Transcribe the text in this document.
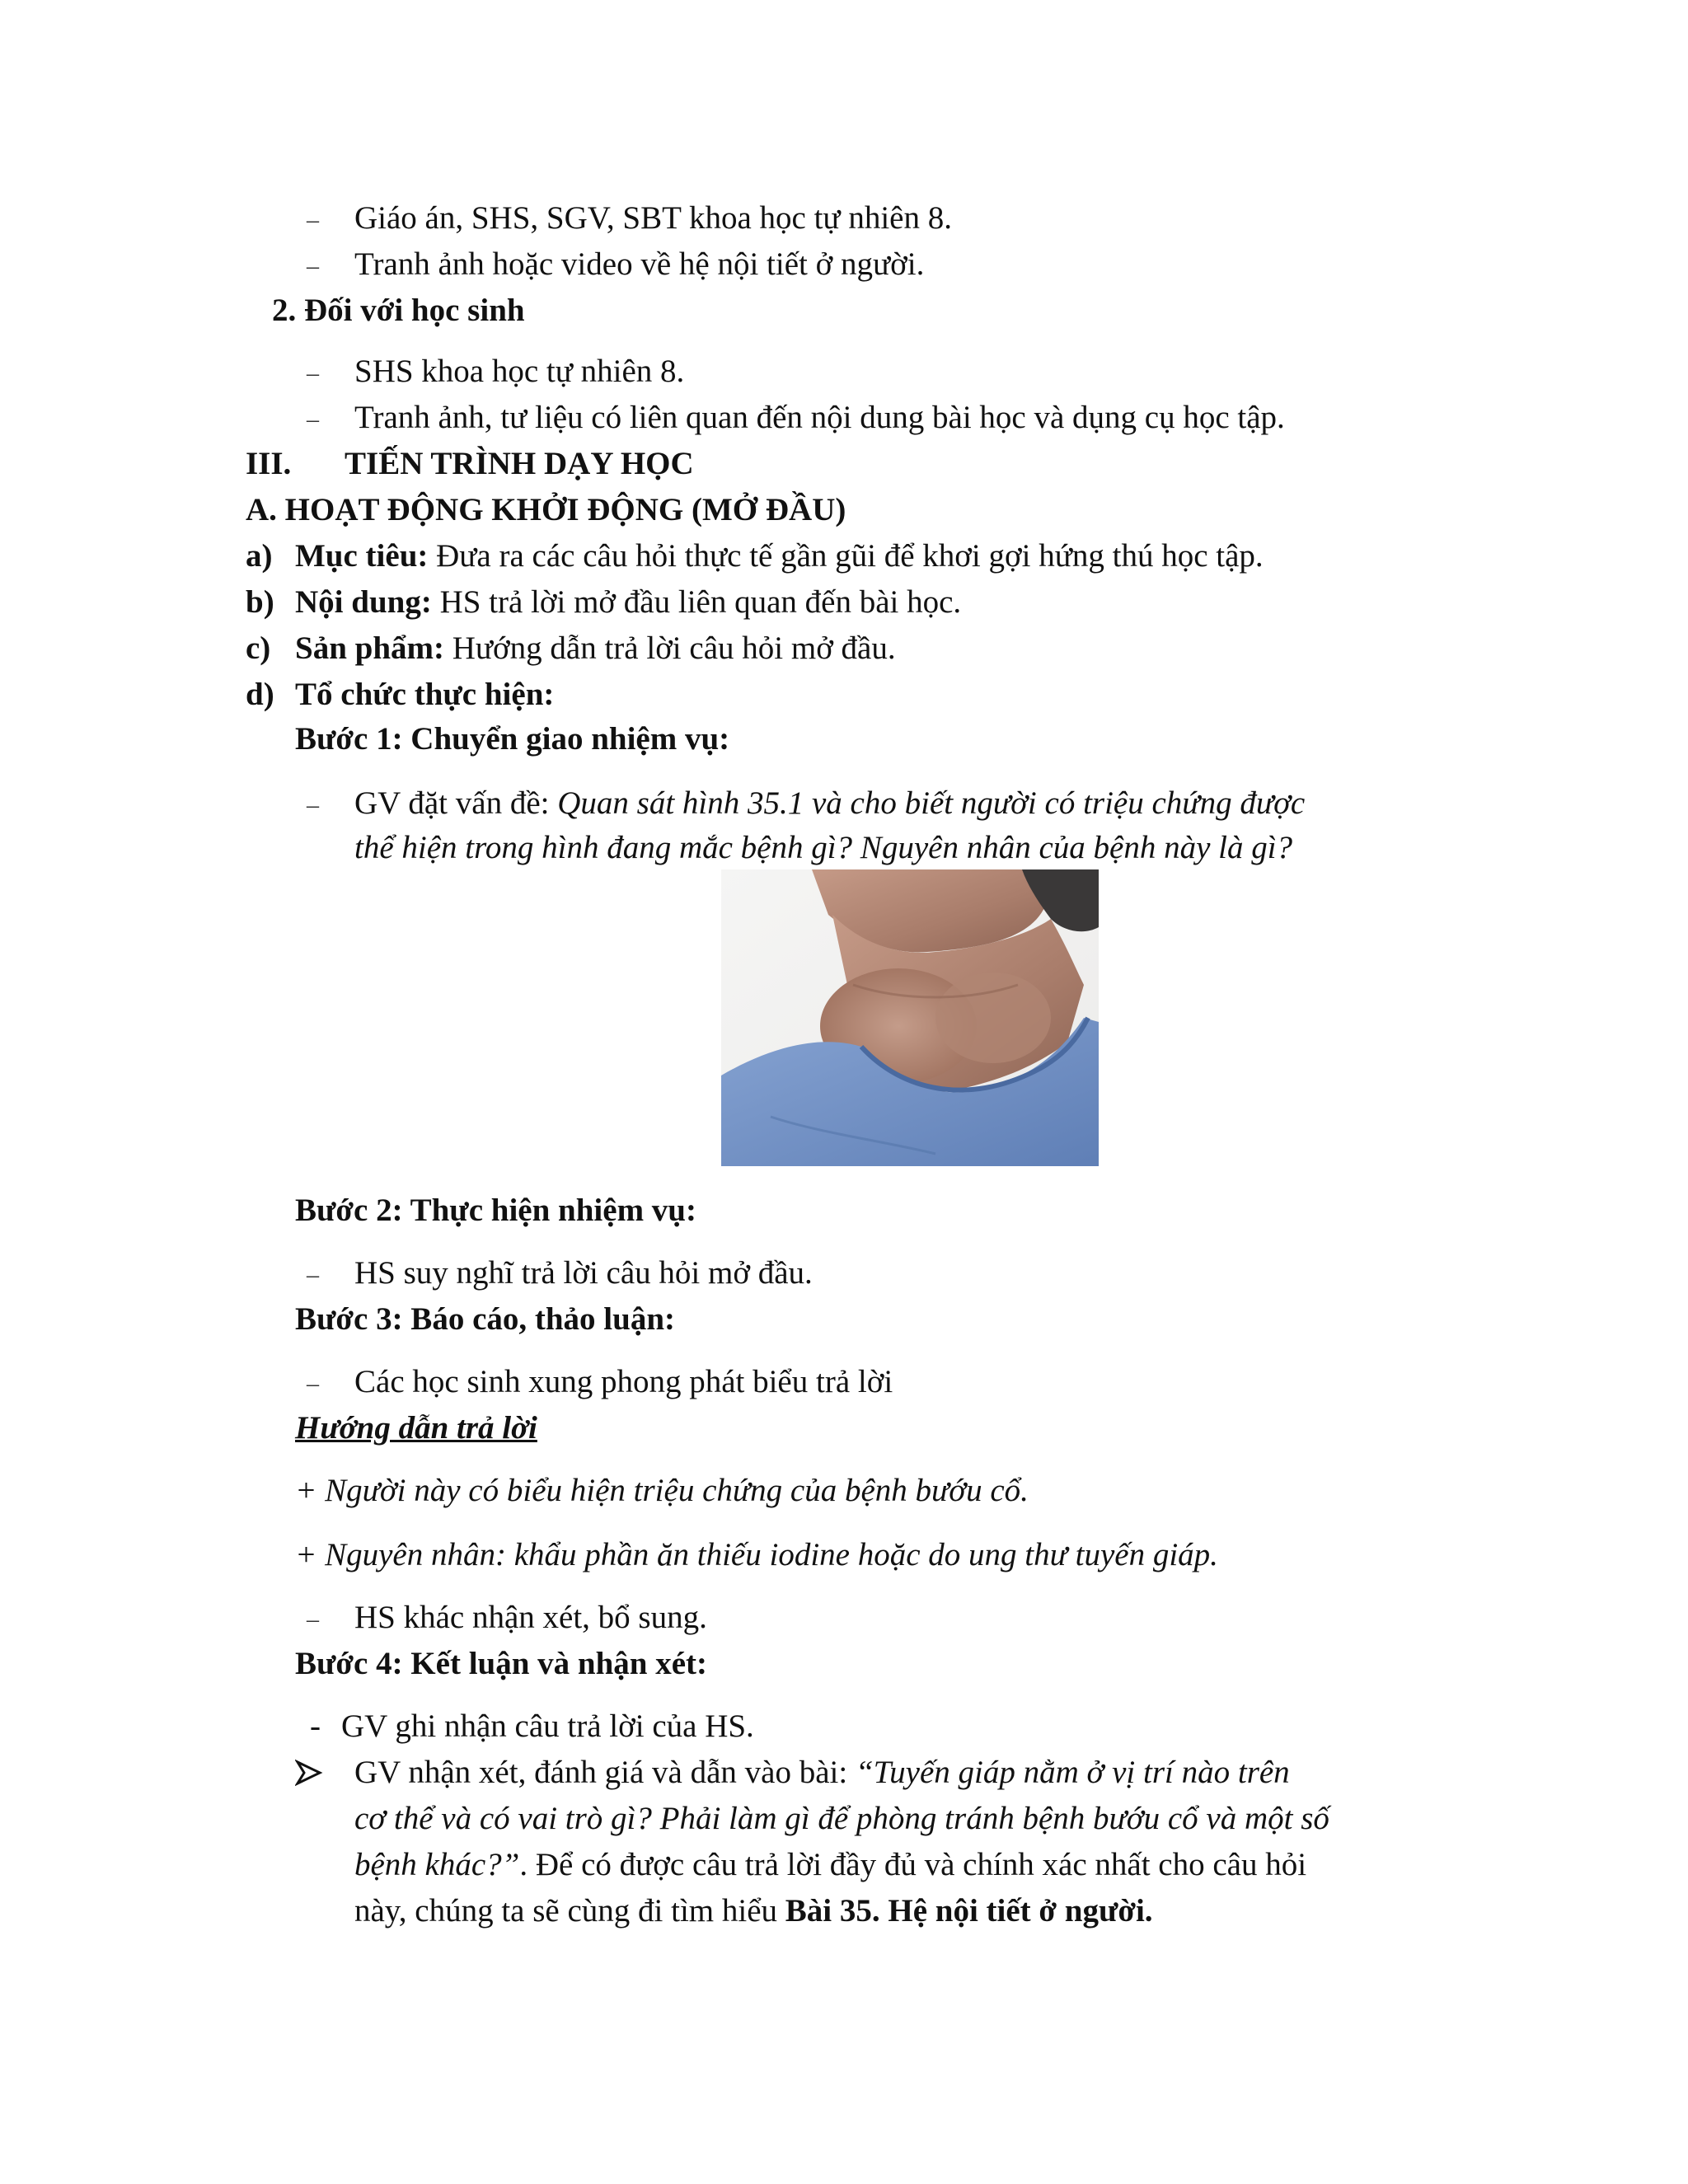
– Giáo án, SHS, SGV, SBT khoa học tự nhiên 8.
– Tranh ảnh hoặc video về hệ nội tiết ở người.
2. Đối với học sinh
– SHS khoa học tự nhiên 8.
– Tranh ảnh, tư liệu có liên quan đến nội dung bài học và dụng cụ học tập.
III. TIẾN TRÌNH DẠY HỌC
A. HOẠT ĐỘNG KHỞI ĐỘNG (MỞ ĐẦU)
a) Mục tiêu: Đưa ra các câu hỏi thực tế gần gũi để khơi gợi hứng thú học tập.
b) Nội dung: HS trả lời mở đầu liên quan đến bài học.
c) Sản phẩm: Hướng dẫn trả lời câu hỏi mở đầu.
d) Tổ chức thực hiện:
Bước 1: Chuyển giao nhiệm vụ:
– GV đặt vấn đề: Quan sát hình 35.1 và cho biết người có triệu chứng được
thể hiện trong hình đang mắc bệnh gì? Nguyên nhân của bệnh này là gì?
Bước 2: Thực hiện nhiệm vụ:
– HS suy nghĩ trả lời câu hỏi mở đầu.
Bước 3: Báo cáo, thảo luận:
– Các học sinh xung phong phát biểu trả lời
Hướng dẫn trả lời
+ Người này có biểu hiện triệu chứng của bệnh bướu cổ.
+ Nguyên nhân: khẩu phần ăn thiếu iodine hoặc do ung thư tuyến giáp.
– HS khác nhận xét, bổ sung.
Bước 4: Kết luận và nhận xét:
- GV ghi nhận câu trả lời của HS.
GV nhận xét, đánh giá và dẫn vào bài: “Tuyến giáp nằm ở vị trí nào trên
cơ thể và có vai trò gì? Phải làm gì để phòng tránh bệnh bướu cổ và một số
bệnh khác?”. Để có được câu trả lời đầy đủ và chính xác nhất cho câu hỏi
này, chúng ta sẽ cùng đi tìm hiểu Bài 35. Hệ nội tiết ở người.
